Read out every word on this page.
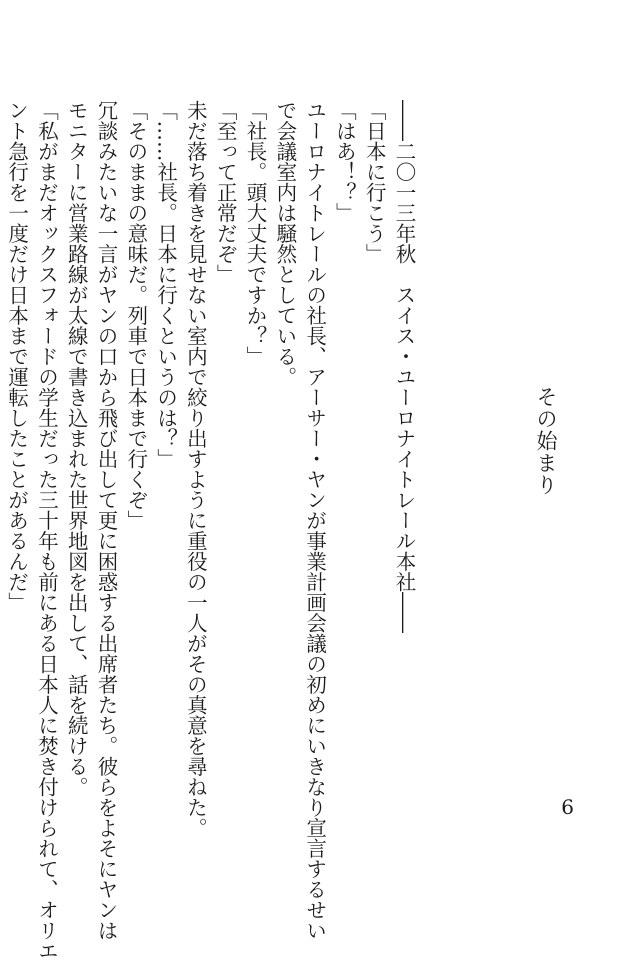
その始まり

――二〇一三年秋　スイス・ユーロナイトレール本社――

「日本に行こう」

「はあ！？」

ユーロナイトレールの社長、アーサー・ヤンが事業計画会議の初めにいきなり宣言するせい

で会議室内は騒然としている。

「社長。頭大丈夫ですか？」

「至って正常だぞ」

未だ落ち着きを見せない室内で絞り出すように重役の一人がその真意を尋ねた。

「……社長。日本に行くというのは？」

「そのままの意味だ。列車で日本まで行くぞ」

冗談みたいな一言がヤンの口から飛び出して更に困惑する出席者たち。彼らをよそにヤンは

モニターに営業路線が太線で書き込まれた世界地図を出して、話を続ける。

「私がまだオックスフォードの学生だった三十年も前にある日本人に焚き付けられて、オリエ

ント急行を一度だけ日本まで運転したことがあるんだ」

6
